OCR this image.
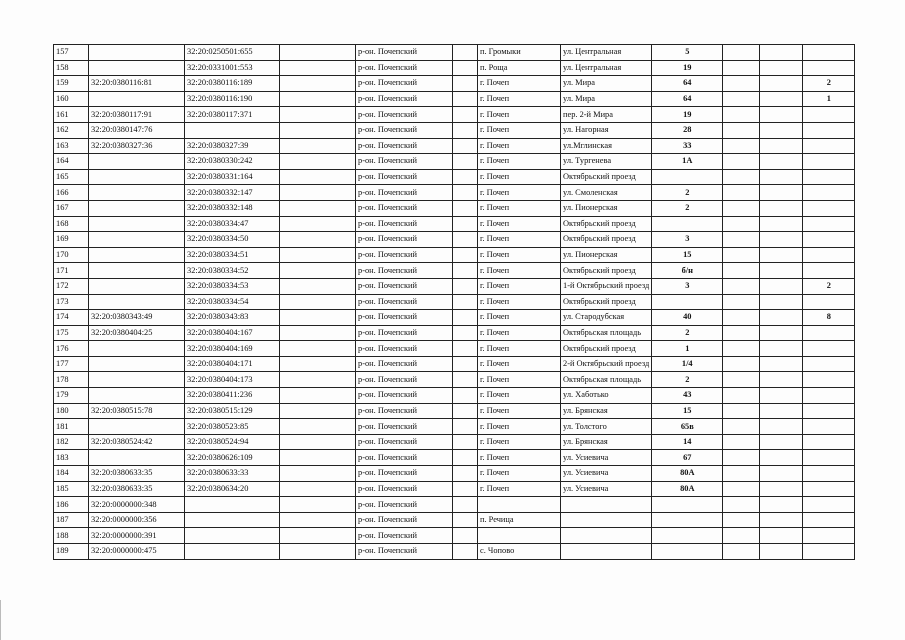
157		32:20:0250501:655		р-он. Почепский		п. Громыки	ул. Центральная	5			
158		32:20:0331001:553		р-он. Почепский		п. Роща	ул. Центральная	19			
159	32:20:0380116:81	32:20:0380116:189		р-он. Почепский		г. Почеп	ул. Мира	64			2
160		32:20:0380116:190		р-он. Почепский		г. Почеп	ул. Мира	64			1
161	32:20:0380117:91	32:20:0380117:371		р-он. Почепский		г. Почеп	пер. 2-й Мира	19			
162	32:20:0380147:76			р-он. Почепский		г. Почеп	ул. Нагорная	28			
163	32:20:0380327:36	32:20:0380327:39		р-он. Почепский		г. Почеп	ул.Мглинская	33			
164		32:20:0380330:242		р-он. Почепский		г. Почеп	ул. Тургенева	1А			
165		32:20:0380331:164		р-он. Почепский		г. Почеп	Октябрьский проезд				
166		32:20:0380332:147		р-он. Почепский		г. Почеп	ул. Смоленская	2			
167		32:20:0380332:148		р-он. Почепский		г. Почеп	ул. Пионерская	2			
168		32:20:0380334:47		р-он. Почепский		г. Почеп	Октябрьский проезд				
169		32:20:0380334:50		р-он. Почепский		г. Почеп	Октябрьский проезд	3			
170		32:20:0380334:51		р-он. Почепский		г. Почеп	ул. Пионерская	15			
171		32:20:0380334:52		р-он. Почепский		г. Почеп	Октябрьский проезд	б/н			
172		32:20:0380334:53		р-он. Почепский		г. Почеп	1-й Октябрьский проезд	3			2
173		32:20:0380334:54		р-он. Почепский		г. Почеп	Октябрьский проезд				
174	32:20:0380343:49	32:20:0380343:83		р-он. Почепский		г. Почеп	ул. Стародубская	40			8
175	32:20:0380404:25	32:20:0380404:167		р-он. Почепский		г. Почеп	Октябрьская площадь	2			
176		32:20:0380404:169		р-он. Почепский		г. Почеп	Октябрьский проезд	1			
177		32:20:0380404:171		р-он. Почепский		г. Почеп	2-й Октябрьский проезд	1/4			
178		32:20:0380404:173		р-он. Почепский		г. Почеп	Октябрьская площадь	2			
179		32:20:0380411:236		р-он. Почепский		г. Почеп	ул. Хаботько	43			
180	32:20:0380515:78	32:20:0380515:129		р-он. Почепский		г. Почеп	ул. Брянская	15			
181		32:20:0380523:85		р-он. Почепский		г. Почеп	ул. Толстого	65в			
182	32:20:0380524:42	32:20:0380524:94		р-он. Почепский		г. Почеп	ул. Брянская	14			
183		32:20:0380626:109		р-он. Почепский		г. Почеп	ул. Усиевича	67			
184	32:20:0380633:35	32:20:0380633:33		р-он. Почепский		г. Почеп	ул. Усиевича	80А			
185	32:20:0380633:35	32:20:0380634:20		р-он. Почепский		г. Почеп	ул. Усиевича	80А			
186	32:20:0000000:348			р-он. Почепский							
187	32:20:0000000:356			р-он. Почепский		п. Речица					
188	32:20:0000000:391			р-он. Почепский							
189	32:20:0000000:475			р-он. Почепский		с. Чоповo					
